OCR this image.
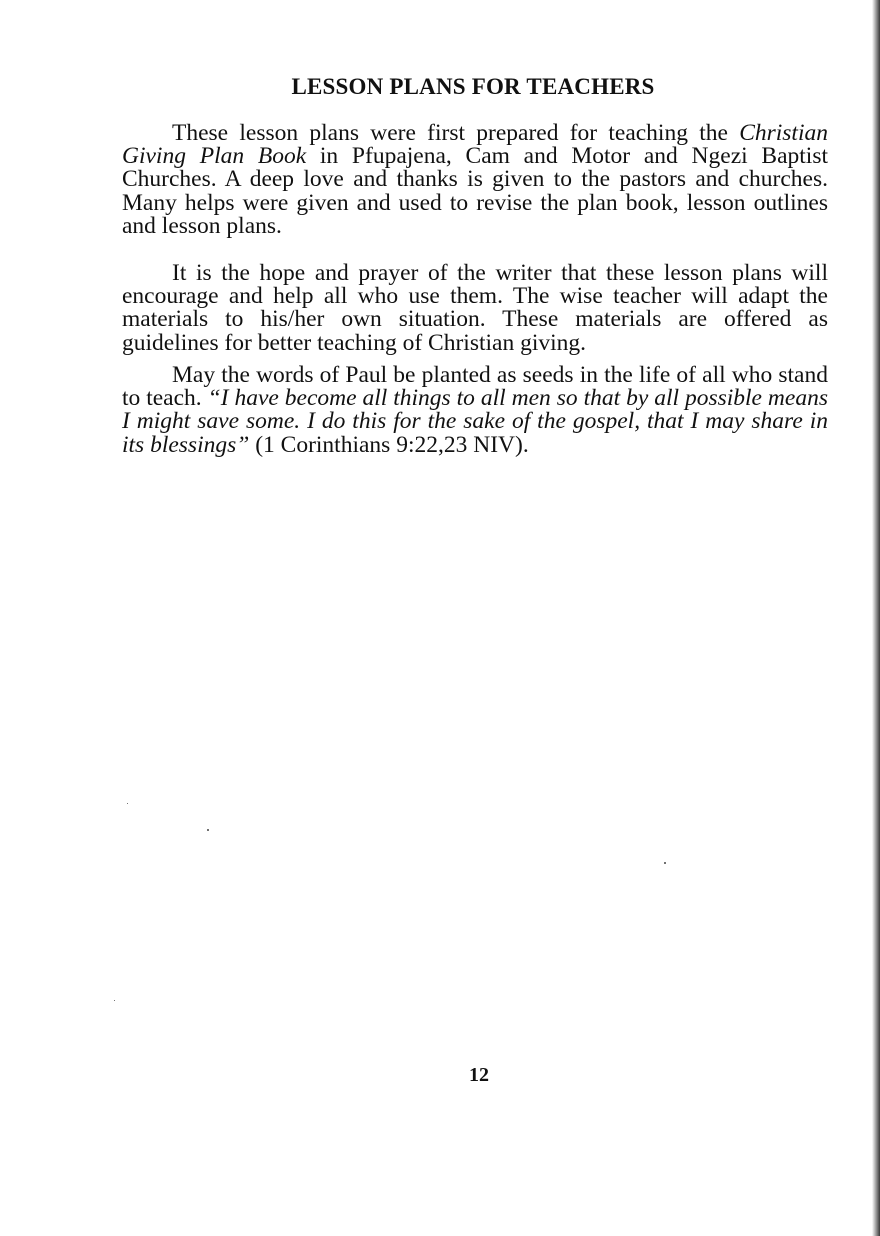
LESSON PLANS FOR TEACHERS

These lesson plans were first prepared for teaching the Christian Giving Plan Book in Pfupajena, Cam and Motor and Ngezi Baptist Churches. A deep love and thanks is given to the pastors and churches. Many helps were given and used to revise the plan book, lesson outlines and lesson plans.

It is the hope and prayer of the writer that these lesson plans will encourage and help all who use them. The wise teacher will adapt the materials to his/her own situation. These materials are offered as guidelines for better teaching of Christian giving.

May the words of Paul be planted as seeds in the life of all who stand to teach. “I have become all things to all men so that by all possible means I might save some. I do this for the sake of the gospel, that I may share in its blessings” (1 Corinthians 9:22,23 NIV).

12
